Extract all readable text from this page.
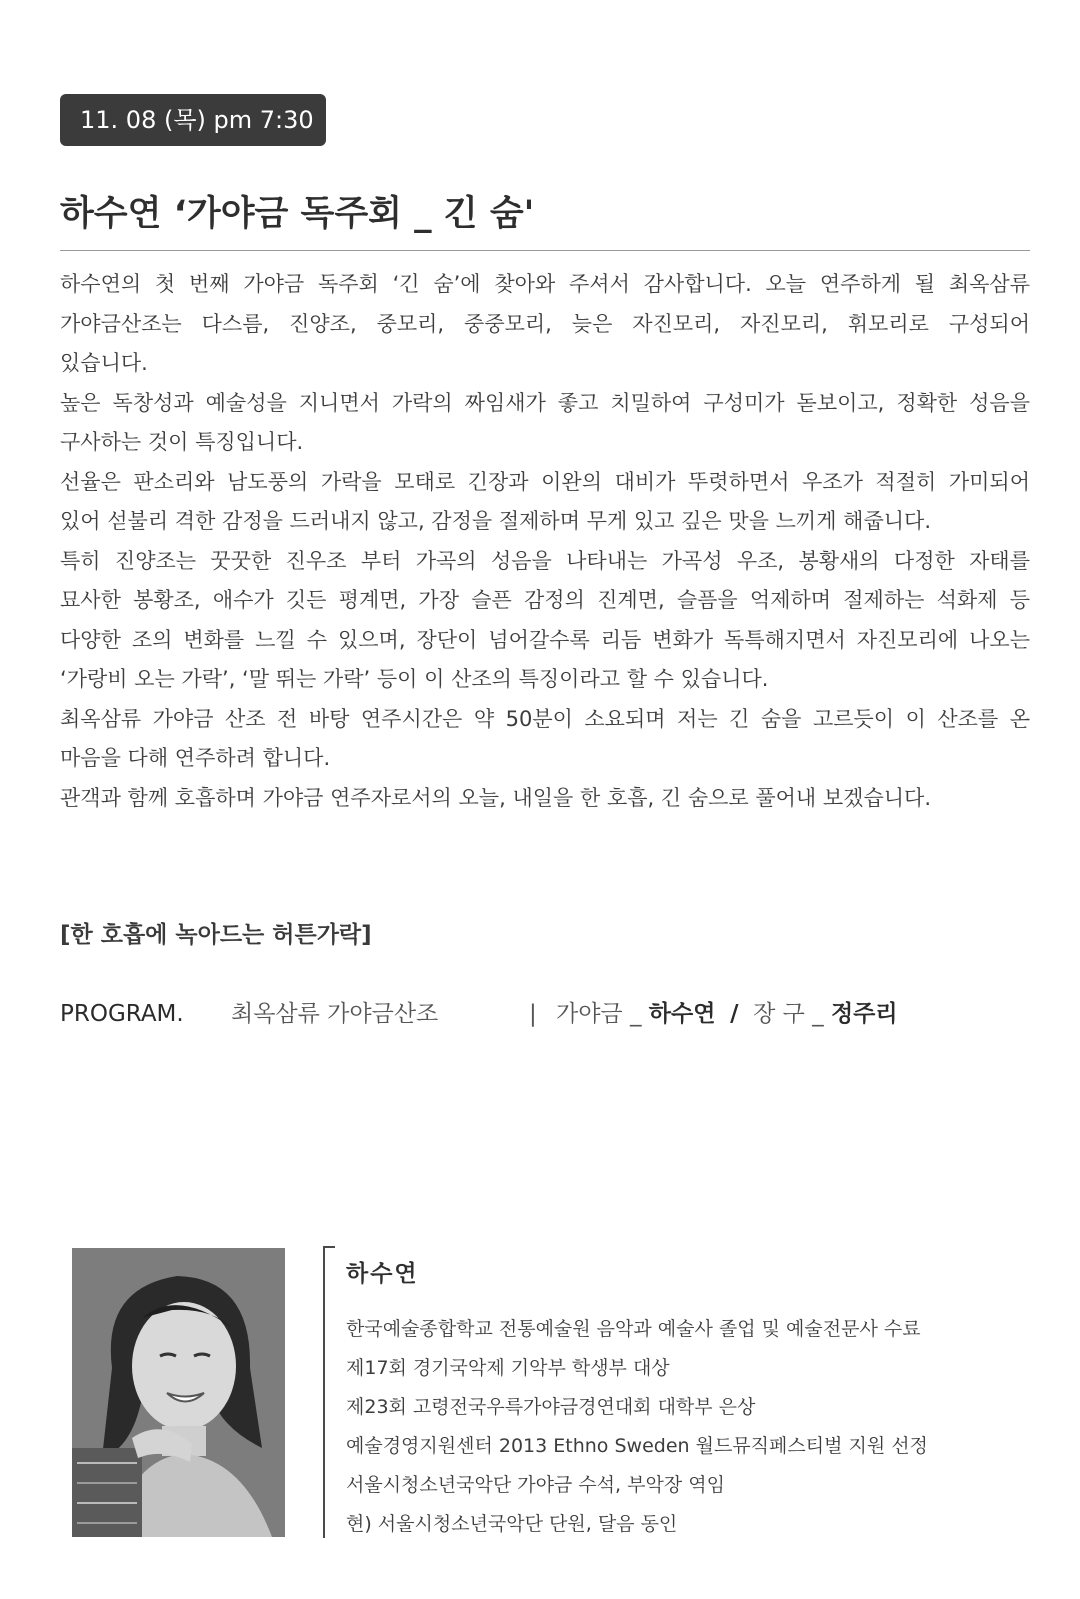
11. 08 (목) pm 7:30
하수연 ‘가야금 독주회 _ 긴 숨'
하수연의 첫 번째 가야금 독주회 ‘긴 숨’에 찾아와 주셔서 감사합니다. 오늘 연주하게 될 최옥삼류
가야금산조는 다스름, 진양조, 중모리, 중중모리, 늦은 자진모리, 자진모리, 휘모리로 구성되어
있습니다.
높은 독창성과 예술성을 지니면서 가락의 짜임새가 좋고 치밀하여 구성미가 돋보이고, 정확한 성음을
구사하는 것이 특징입니다.
선율은 판소리와 남도풍의 가락을 모태로 긴장과 이완의 대비가 뚜렷하면서 우조가 적절히 가미되어
있어 섣불리 격한 감정을 드러내지 않고, 감정을 절제하며 무게 있고 깊은 맛을 느끼게 해줍니다.
특히 진양조는 꿋꿋한 진우조 부터 가곡의 성음을 나타내는 가곡성 우조, 봉황새의 다정한 자태를
묘사한 봉황조, 애수가 깃든 평계면, 가장 슬픈 감정의 진계면, 슬픔을 억제하며 절제하는 석화제 등
다양한 조의 변화를 느낄 수 있으며, 장단이 넘어갈수록 리듬 변화가 독특해지면서 자진모리에 나오는
‘가랑비 오는 가락’, ‘말 뛰는 가락’ 등이 이 산조의 특징이라고 할 수 있습니다.
최옥삼류 가야금 산조 전 바탕 연주시간은 약 50분이 소요되며 저는 긴 숨을 고르듯이 이 산조를 온
마음을 다해 연주하려 합니다.
관객과 함께 호흡하며 가야금 연주자로서의 오늘, 내일을 한 호흡, 긴 숨으로 풀어내 보겠습니다.
[한 호흡에 녹아드는 허튼가락]
PROGRAM. 최옥삼류 가야금산조	| 가야금 _ 하수연 / 장 구 _ 정주리
하수연
한국예술종합학교 전통예술원 음악과 예술사 졸업 및 예술전문사 수료
제17회 경기국악제 기악부 학생부 대상
제23회 고령전국우륵가야금경연대회 대학부 은상
예술경영지원센터 2013 Ethno Sweden 월드뮤직페스티벌 지원 선정
서울시청소년국악단 가야금 수석, 부악장 역임
현) 서울시청소년국악단 단원, 달음 동인
